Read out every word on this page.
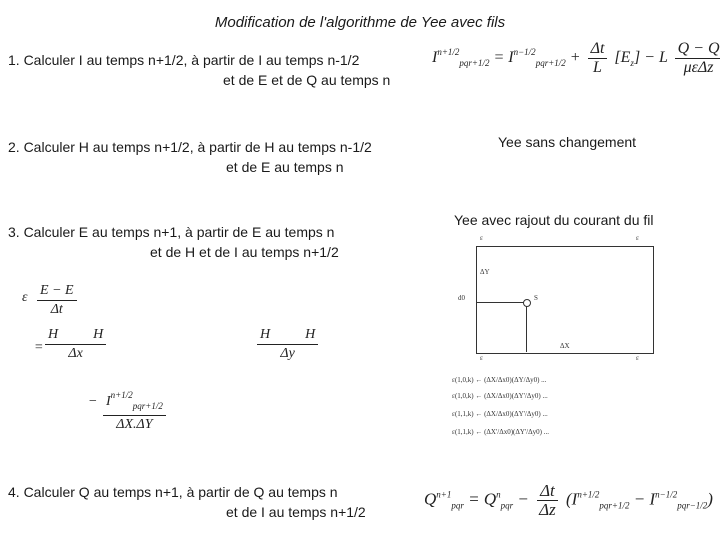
Modification de l'algorithme de Yee avec fils
1. Calculer I au temps n+1/2, à partir de I au temps n-1/2
et de E et de Q au temps n
$I^{n+1/2}_{pqr+1/2} = I^{n-1/2}_{pqr+1/2} + \frac{\Delta t}{L} [E_z] - L \frac{Q - Q}{\text{μεΔz}}$
2. Calculer H au temps n+1/2, à partir de H au temps n-1/2
et de E au temps n
Yee sans changement
3. Calculer E au temps n+1, à partir de E au temps n
et de H et de I au temps n+1/2
Yee avec rajout du courant du fil
ε $\frac{E - E}{\Delta t}$
= H	H
Δx	H	H
Δy
− $\frac{I^{n+1/2}_{pqr+1/2}}{\Delta X.\Delta Y}$
ε	ε
ε	ε
ΔY
ΔX
d0	S
ε(1,0,k) ← (ΔX/Δx0)(ΔY/Δy0) ...
ε(1,0,k) ← (ΔX/Δx0)(ΔY'/Δy0) ...
ε(1,1,k) ← (ΔX/Δx0)(ΔY'/Δy0) ...
ε(1,1,k) ← (ΔX'/Δx0)(ΔY'/Δy0) ...
4. Calculer Q au temps n+1, à partir de Q au temps n
et de I au temps n+1/2
$Q^{n+1}_{pqr} = Q^n_{pqr} - \frac{\Delta t}{\Delta z} (I^{n+1/2}_{pqr+1/2} - I^{n-1/2}_{pqr-1/2})$
